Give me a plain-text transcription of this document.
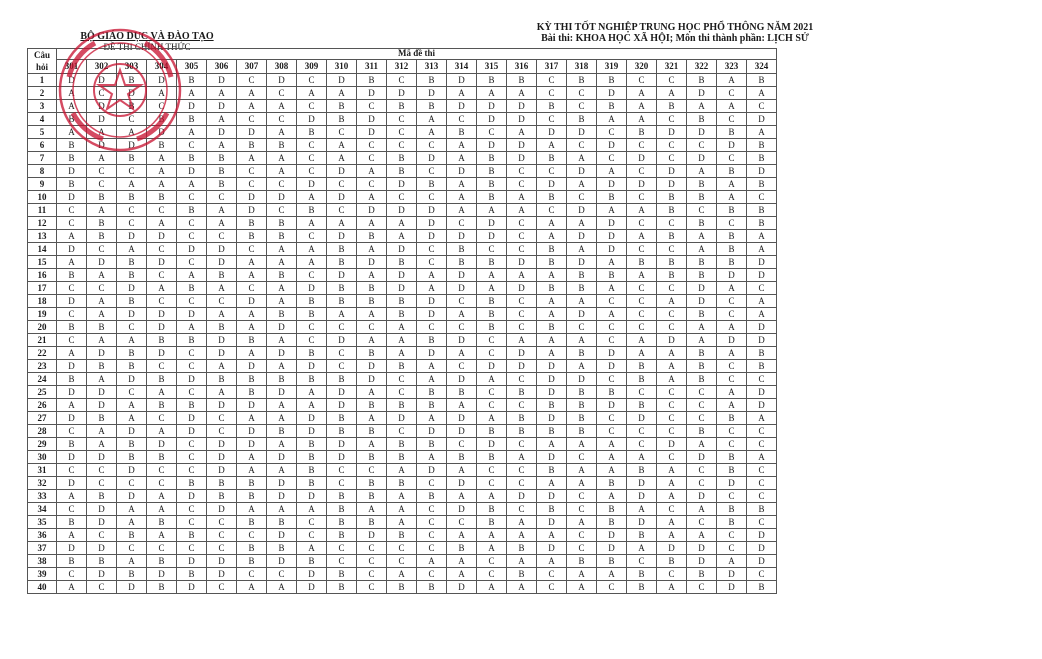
BỘ GIÁO DỤC VÀ ĐÀO TẠO
ĐỀ THI CHÍNH THỨC
KỲ THI TỐT NGHIỆP TRUNG HỌC PHỔ THÔNG NĂM 2021
Bài thi: KHOA HỌC XÃ HỘI; Môn thi thành phần: LỊCH SỬ
Câu hỏi	Mã đề thi																							
	301	302	303	304	305	306	307	308	309	310	311	312	313	314	315	316	317	318	319	320	321	322	323	324
1	D	D	B	D	B	D	C	D	C	D	B	C	B	D	B	B	C	B	B	C	C	B	A	B
2	A	C	D	A	A	A	A	C	A	A	D	D	D	A	A	A	C	C	D	A	A	D	C	A
3	A	D	B	C	D	D	A	A	C	B	C	B	B	D	D	D	B	C	B	A	B	A	A	C
4	B	D	C	B	B	A	C	C	D	B	D	C	A	C	D	D	C	B	A	A	C	B	C	D
5	A	A	A	D	A	D	D	A	B	C	D	C	A	B	C	A	D	D	C	B	D	D	B	A
6	B	D	D	B	C	A	B	B	C	A	C	C	C	A	D	D	A	C	D	C	C	C	D	B
7	B	A	B	A	B	B	A	A	C	A	C	B	D	A	B	D	B	A	C	D	C	D	C	B
8	D	C	C	A	D	B	C	A	C	D	A	B	C	D	B	C	C	D	A	C	D	A	B	D
9	B	C	A	A	A	B	C	C	D	C	C	D	B	A	B	C	D	A	D	D	D	B	A	B
10	D	B	B	B	C	C	D	D	A	D	A	C	C	A	B	A	B	C	B	C	B	B	A	C
11	C	A	C	C	B	A	D	C	B	C	D	D	D	A	A	A	C	D	A	A	B	C	B	B
12	C	B	C	A	C	A	B	B	A	A	A	A	D	C	D	C	A	A	D	C	C	B	C	B
13	A	B	D	D	C	C	B	B	C	D	B	A	D	D	D	C	A	D	D	A	B	A	B	A
14	D	C	A	C	D	D	C	A	A	B	A	D	C	B	C	C	B	A	D	C	C	A	B	A
15	A	D	B	D	C	D	A	A	A	B	D	B	C	B	B	D	B	D	A	B	B	B	B	D
16	B	A	B	C	A	B	A	B	C	D	A	D	A	D	A	A	A	B	B	A	B	B	D	D
17	C	C	D	A	B	A	C	A	D	B	B	D	A	D	A	D	B	B	A	C	C	D	A	C
18	D	A	B	C	C	C	D	A	B	B	B	B	D	C	B	C	A	A	C	C	A	D	C	A
19	C	A	D	D	D	A	A	B	B	A	A	B	D	A	B	C	A	D	A	C	C	B	C	A
20	B	B	C	D	A	B	A	D	C	C	C	A	C	C	B	C	B	C	C	C	C	A	A	D
21	C	A	A	B	B	D	B	A	C	D	A	A	B	D	C	A	A	A	C	A	D	A	D	D
22	A	D	B	D	C	D	A	D	B	C	B	A	D	A	C	D	A	B	D	A	A	B	A	B
23	D	B	B	C	C	A	D	A	D	C	D	B	A	C	D	D	D	A	D	B	A	B	C	B
24	B	A	D	B	D	B	B	B	B	B	D	C	A	D	A	C	D	D	C	B	A	B	C	C
25	D	D	C	A	C	A	B	D	A	D	A	C	B	B	C	B	D	B	B	C	C	C	A	D
26	A	D	A	B	B	D	D	A	A	D	B	B	B	A	C	C	B	B	D	B	C	C	A	D
27	D	B	A	C	D	C	A	A	D	B	A	D	A	D	A	B	D	B	C	D	C	C	B	A
28	C	A	D	A	D	C	D	B	D	B	B	C	D	D	B	B	B	B	C	C	C	B	C	C
29	B	A	B	D	C	D	D	A	B	D	A	B	B	C	D	C	A	A	A	C	D	A	C	C
30	D	D	B	B	C	D	A	D	B	D	B	B	A	B	B	A	D	C	A	A	C	D	B	A
31	C	C	D	C	C	D	A	A	B	C	C	A	D	A	C	C	B	A	A	B	A	C	B	C
32	D	C	C	C	B	B	B	D	B	C	B	B	C	D	C	C	A	A	B	D	A	C	D	C
33	A	B	D	A	D	B	B	D	D	B	B	A	B	A	A	D	D	C	A	D	A	D	C	C
34	C	D	A	A	C	D	A	A	A	B	A	A	C	D	B	C	B	C	B	A	C	A	B	B
35	B	D	A	B	C	C	B	B	C	B	B	A	C	C	B	A	D	A	B	D	A	C	B	C
36	A	C	B	A	B	C	C	D	C	B	D	B	C	A	A	A	A	C	D	B	A	A	C	D
37	D	D	C	C	C	C	B	B	A	C	C	C	C	B	A	B	D	C	D	A	D	D	C	D
38	B	B	A	B	D	D	B	D	B	C	C	C	A	A	C	A	A	B	B	C	B	D	A	D
39	C	D	B	D	B	D	C	C	D	B	C	A	C	A	C	B	C	A	A	B	C	B	D	C
40	A	C	D	B	D	C	A	A	D	B	C	B	B	D	A	A	C	A	C	B	A	C	D	B
